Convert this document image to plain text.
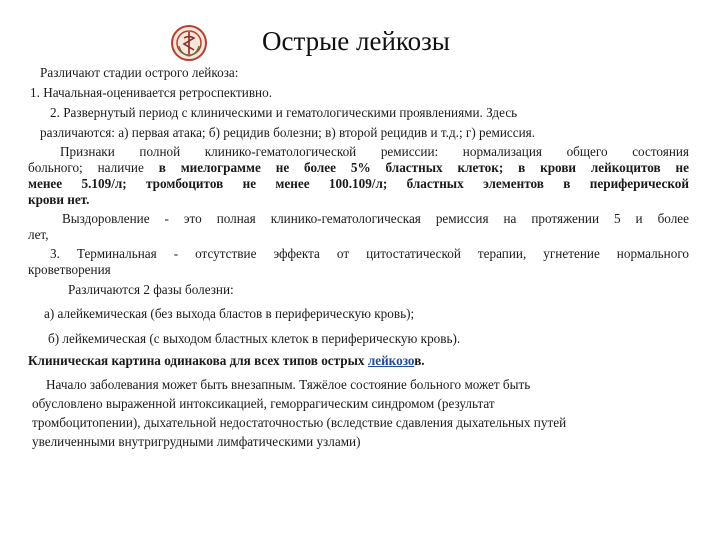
Острые лейкозы
Различают стадии острого лейкоза:
1. Начальная-оценивается ретроспективно.
2. Развернутый период с клиническими и гематологическими проявлениями. Здесь
различаются: а) первая атака; б) рецидив болезни; в) второй рецидив и т.д.; г) ремиссия.
Признаки полной клинико-гематологической ремиссии: нормализация общего состояния
больного; наличие в миелограмме не более 5% бластных клеток; в крови лейкоцитов не
менее 5.109/л; тромбоцитов не менее 100.109/л; бластных элементов в периферической
крови нет.
Выздоровление - это полная клинико-гематологическая ремиссия на протяжении 5 и более
лет,
3. Терминальная - отсутствие эффекта от цитостатической терапии, угнетение нормального
кроветворения
Различаются 2 фазы болезни:
а) алейкемическая (без выхода бластов в периферическую кровь);
б) лейкемическая (с выходом бластных клеток в периферическую кровь).
Клиническая картина одинакова для всех типов острых лейкозов.
Начало заболевания может быть внезапным. Тяжёлое состояние больного может быть
обусловлено выраженной интоксикацией, геморрагическим синдромом (результат
тромбоцитопении), дыхательной недостаточностью (вследствие сдавления дыхательных путей
увеличенными внутригрудными лимфатическими узлами)
